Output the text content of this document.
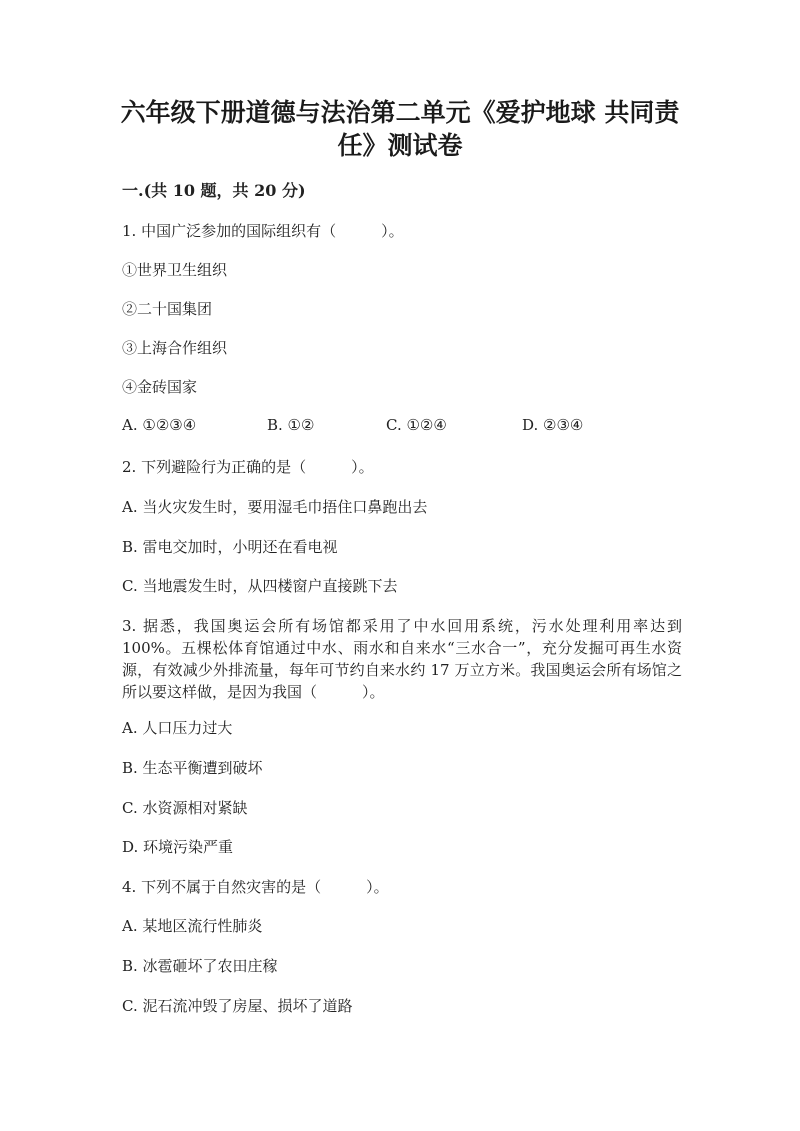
六年级下册道德与法治第二单元《爱护地球 共同责
任》测试卷
一.(共 10 题，共 20 分)
1. 中国广泛参加的国际组织有（　　　）。
①世界卫生组织
②二十国集团
③上海合作组织
④金砖国家
A. ①②③④	B. ①②	C. ①②④	D. ②③④
2. 下列避险行为正确的是（　　　）。
A. 当火灾发生时，要用湿毛巾捂住口鼻跑出去
B. 雷电交加时，小明还在看电视
C. 当地震发生时，从四楼窗户直接跳下去
3. 据悉，我国奥运会所有场馆都采用了中水回用系统，污水处理利用率达到 100%。五棵松体育馆通过中水、雨水和自来水“三水合一”，充分发掘可再生水资源，有效减少外排流量，每年可节约自来水约 17 万立方米。我国奥运会所有场馆之所以要这样做，是因为我国（　　　）。
A. 人口压力过大
B. 生态平衡遭到破坏
C. 水资源相对紧缺
D. 环境污染严重
4. 下列不属于自然灾害的是（　　　）。
A. 某地区流行性肺炎
B. 冰雹砸坏了农田庄稼
C. 泥石流冲毁了房屋、损坏了道路
